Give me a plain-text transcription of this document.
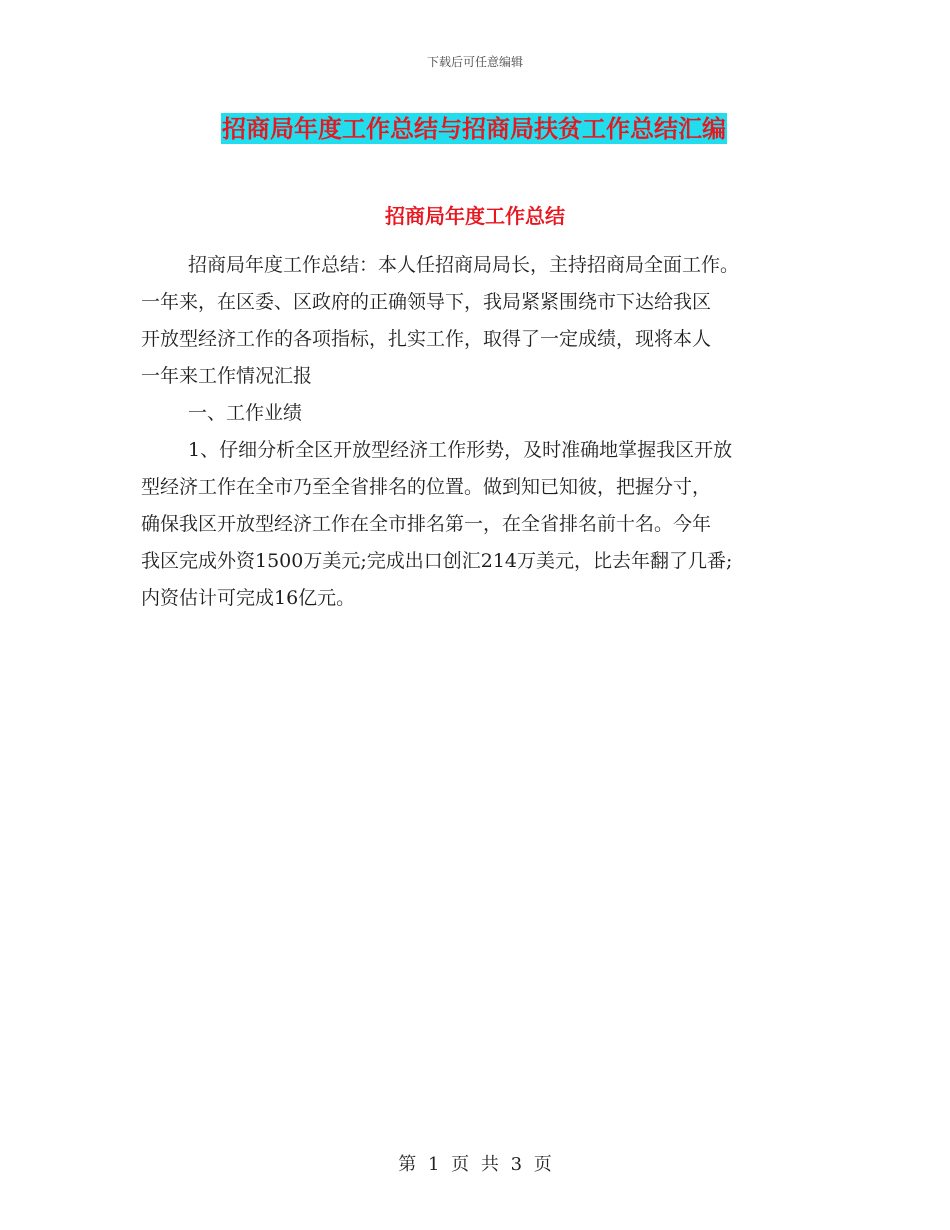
下载后可任意编辑
招商局年度工作总结与招商局扶贫工作总结汇编
招商局年度工作总结
招商局年度工作总结：本人任招商局局长，主持招商局全面工作。
一年来，在区委、区政府的正确领导下，我局紧紧围绕市下达给我区
开放型经济工作的各项指标，扎实工作，取得了一定成绩，现将本人
一年来工作情况汇报
一、工作业绩
1、仔细分析全区开放型经济工作形势，及时准确地掌握我区开放
型经济工作在全市乃至全省排名的位置。做到知已知彼，把握分寸，
确保我区开放型经济工作在全市排名第一，在全省排名前十名。今年
我区完成外资1500万美元;完成出口创汇214万美元，比去年翻了几番;
内资估计可完成16亿元。
第 1 页 共 3 页
